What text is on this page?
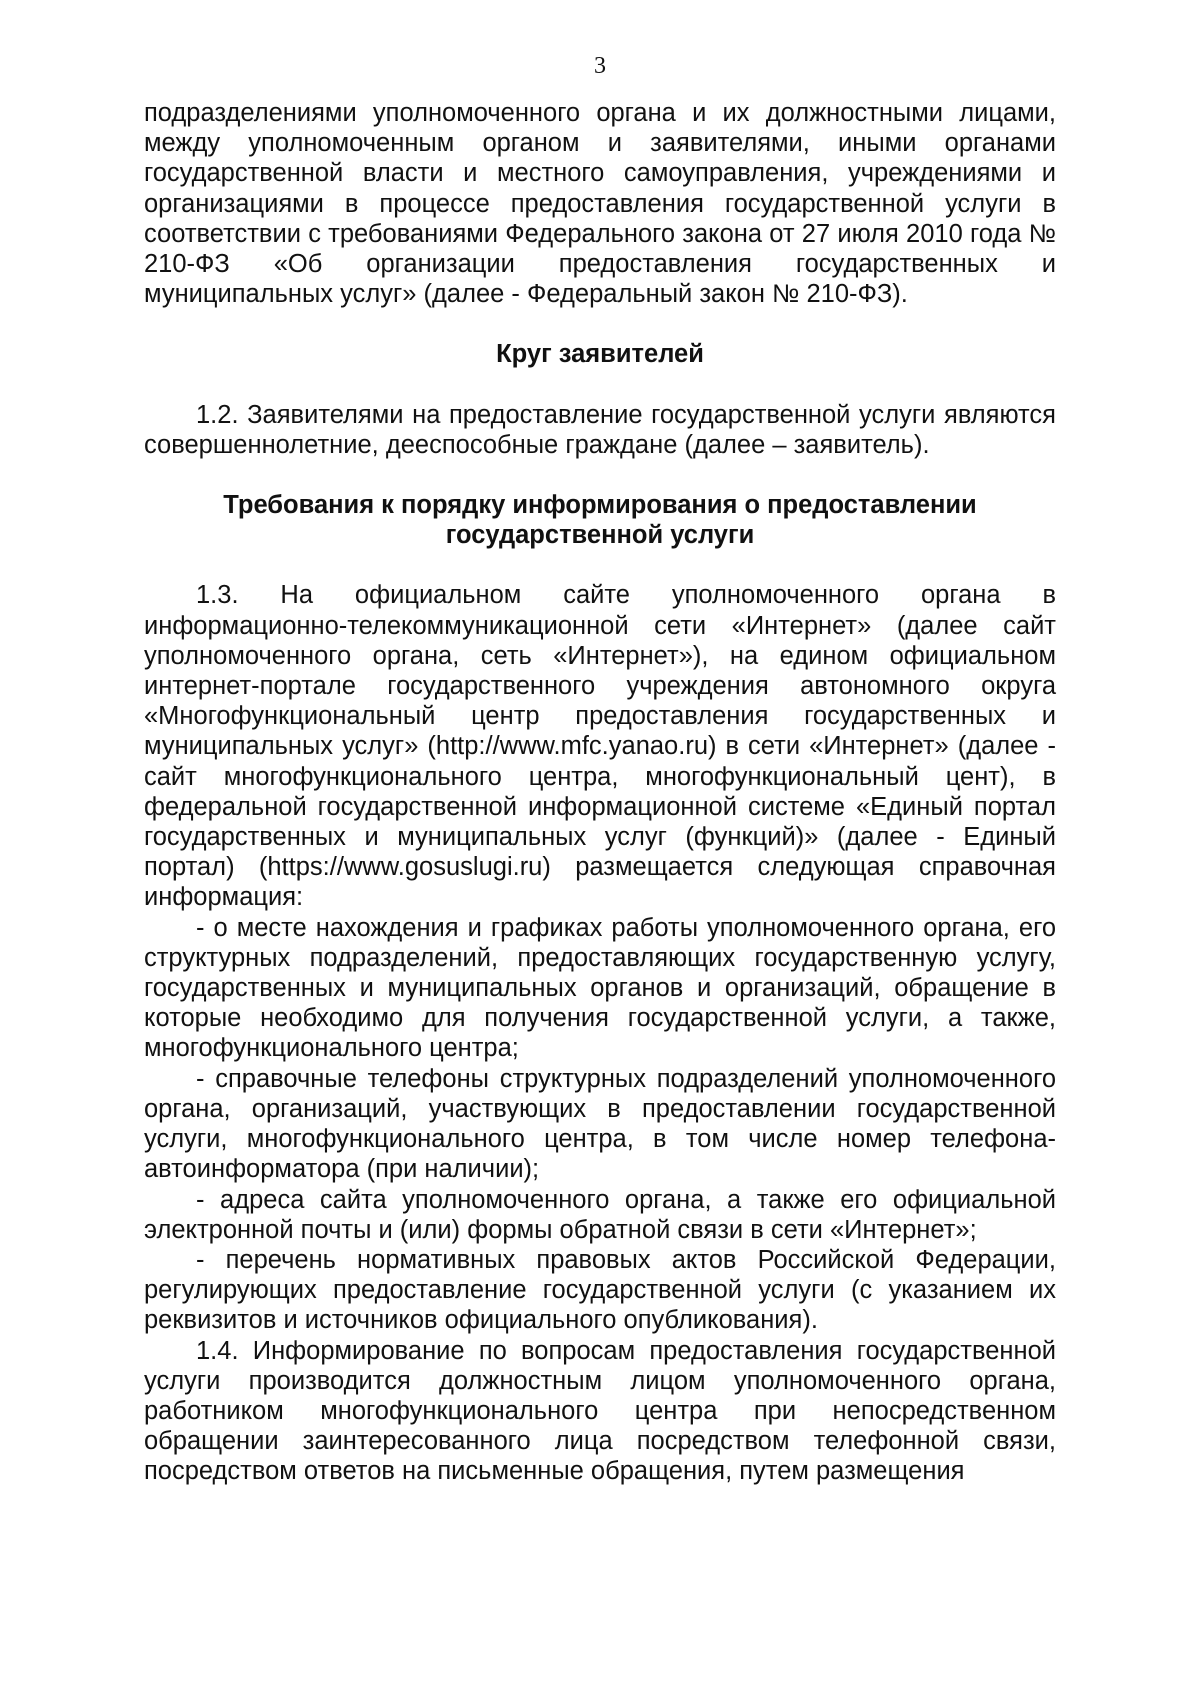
3

подразделениями уполномоченного органа и их должностными лицами, между уполномоченным органом и заявителями, иными органами государственной власти и местного самоуправления, учреждениями и организациями в процессе предоставления государственной услуги в соответствии с требованиями Федерального закона от 27 июля 2010 года № 210-ФЗ «Об организации предоставления государственных и муниципальных услуг» (далее - Федеральный закон № 210-ФЗ).

Круг заявителей

1.2. Заявителями на предоставление государственной услуги являются совершеннолетние, дееспособные граждане (далее – заявитель).

Требования к порядку информирования о предоставлении

государственной услуги

1.3. На официальном сайте уполномоченного органа в информационно-телекоммуникационной сети «Интернет» (далее сайт уполномоченного органа, сеть «Интернет»), на едином официальном интернет-портале государственного учреждения автономного округа «Многофункциональный центр предоставления государственных и муниципальных услуг» (http://www.mfc.yanao.ru) в сети «Интернет» (далее - сайт многофункционального центра, многофункциональный цент), в федеральной государственной информационной системе «Единый портал государственных и муниципальных услуг (функций)» (далее - Единый портал) (https://www.gosuslugi.ru) размещается следующая справочная информация:

- о месте нахождения и графиках работы уполномоченного органа, его структурных подразделений, предоставляющих государственную услугу, государственных и муниципальных органов и организаций, обращение в которые необходимо для получения государственной услуги, а также, многофункционального центра;

- справочные телефоны структурных подразделений уполномоченного органа, организаций, участвующих в предоставлении государственной услуги, многофункционального центра, в том числе номер телефона-автоинформатора (при наличии);

- адреса сайта уполномоченного органа, а также его официальной электронной почты и (или) формы обратной связи в сети «Интернет»;

- перечень нормативных правовых актов Российской Федерации, регулирующих предоставление государственной услуги (с указанием их реквизитов и источников официального опубликования).

1.4. Информирование по вопросам предоставления государственной услуги производится должностным лицом уполномоченного органа, работником многофункционального центра при непосредственном обращении заинтересованного лица посредством телефонной связи, посредством ответов на письменные обращения, путем размещения
